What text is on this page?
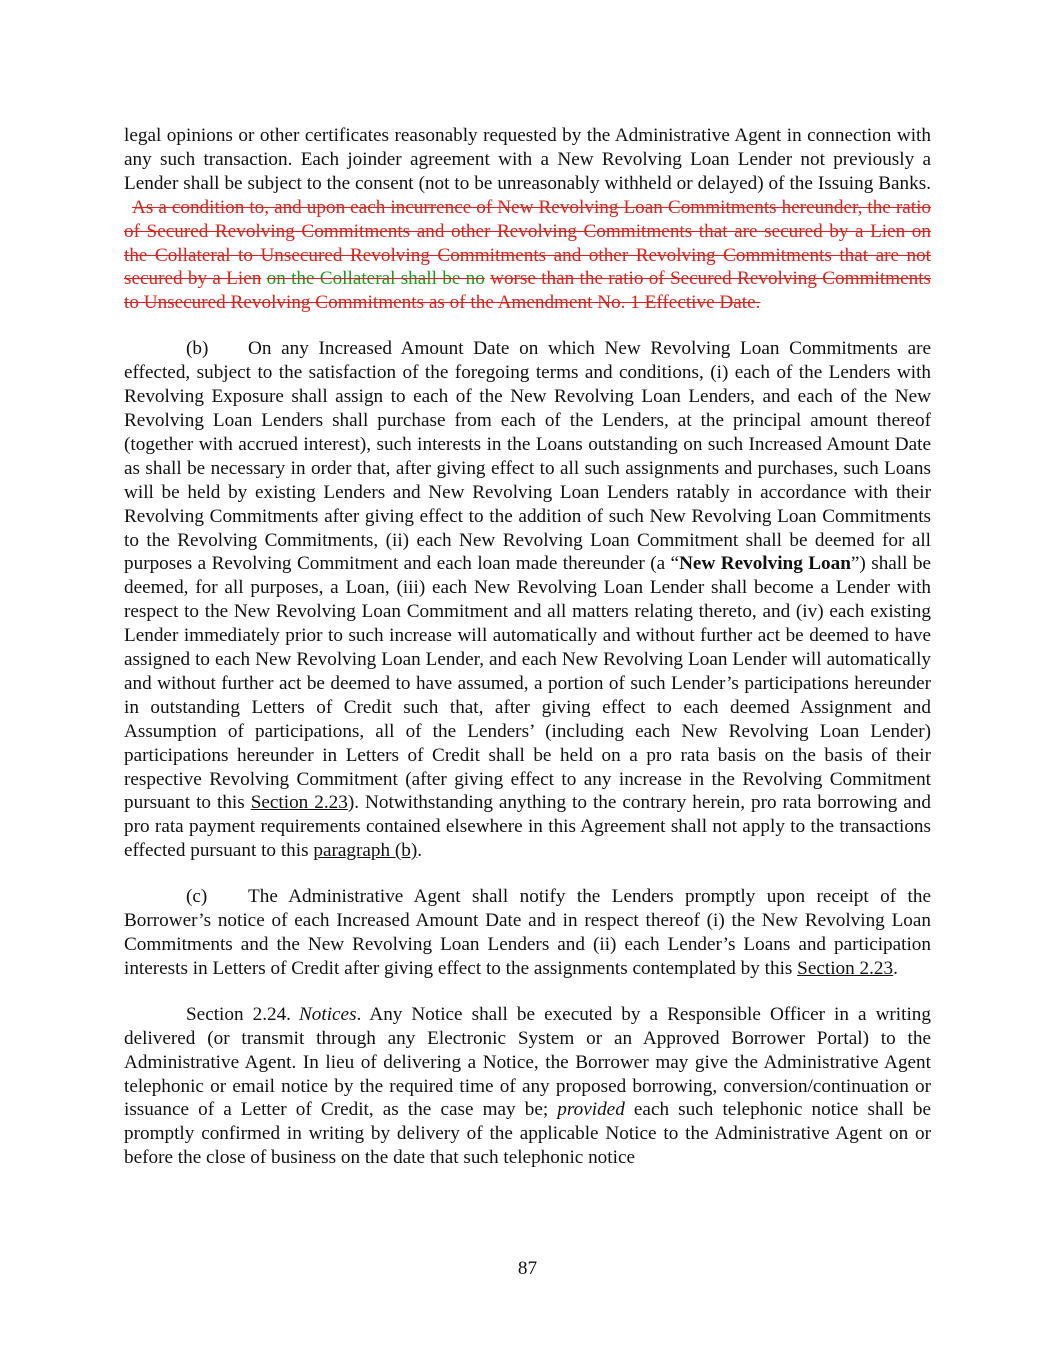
legal opinions or other certificates reasonably requested by the Administrative Agent in connection with any such transaction. Each joinder agreement with a New Revolving Loan Lender not previously a Lender shall be subject to the consent (not to be unreasonably withheld or delayed) of the Issuing Banks.As a condition to, and upon each incurrence of New Revolving Loan Commitments hereunder, the ratio of Secured Revolving Commitments and other Revolving Commitments that are secured by a Lien on the Collateral to Unsecured Revolving Commitments and other Revolving Commitments that are not secured by a Lien on the Collateral shall be no worse than the ratio of Secured Revolving Commitments to Unsecured Revolving Commitments as of the Amendment No. 1 Effective Date.

(b) On any Increased Amount Date on which New Revolving Loan Commitments are effected, subject to the satisfaction of the foregoing terms and conditions, (i) each of the Lenders with Revolving Exposure shall assign to each of the New Revolving Loan Lenders, and each of the New Revolving Loan Lenders shall purchase from each of the Lenders, at the principal amount thereof (together with accrued interest), such interests in the Loans outstanding on such Increased Amount Date as shall be necessary in order that, after giving effect to all such assignments and purchases, such Loans will be held by existing Lenders and New Revolving Loan Lenders ratably in accordance with their Revolving Commitments after giving effect to the addition of such New Revolving Loan Commitments to the Revolving Commitments, (ii) each New Revolving Loan Commitment shall be deemed for all purposes a Revolving Commitment and each loan made thereunder (a “New Revolving Loan”) shall be deemed, for all purposes, a Loan, (iii) each New Revolving Loan Lender shall become a Lender with respect to the New Revolving Loan Commitment and all matters relating thereto, and (iv) each existing Lender immediately prior to such increase will automatically and without further act be deemed to have assigned to each New Revolving Loan Lender, and each New Revolving Loan Lender will automatically and without further act be deemed to have assumed, a portion of such Lender’s participations hereunder in outstanding Letters of Credit such that, after giving effect to each deemed Assignment and Assumption of participations, all of the Lenders’ (including each New Revolving Loan Lender) participations hereunder in Letters of Credit shall be held on a pro rata basis on the basis of their respective Revolving Commitment (after giving effect to any increase in the Revolving Commitment pursuant to this Section 2.23). Notwithstanding anything to the contrary herein, pro rata borrowing and pro rata payment requirements contained elsewhere in this Agreement shall not apply to the transactions effected pursuant to this paragraph (b).

(c) The Administrative Agent shall notify the Lenders promptly upon receipt of the Borrower’s notice of each Increased Amount Date and in respect thereof (i) the New Revolving Loan Commitments and the New Revolving Loan Lenders and (ii) each Lender’s Loans and participation interests in Letters of Credit after giving effect to the assignments contemplated by this Section 2.23.

Section 2.24. Notices. Any Notice shall be executed by a Responsible Officer in a writing delivered (or transmit through any Electronic System or an Approved Borrower Portal) to the Administrative Agent. In lieu of delivering a Notice, the Borrower may give the Administrative Agent telephonic or email notice by the required time of any proposed borrowing, conversion/continuation or issuance of a Letter of Credit, as the case may be; provided each such telephonic notice shall be promptly confirmed in writing by delivery of the applicable Notice to the Administrative Agent on or before the close of business on the date that such telephonic notice

87
